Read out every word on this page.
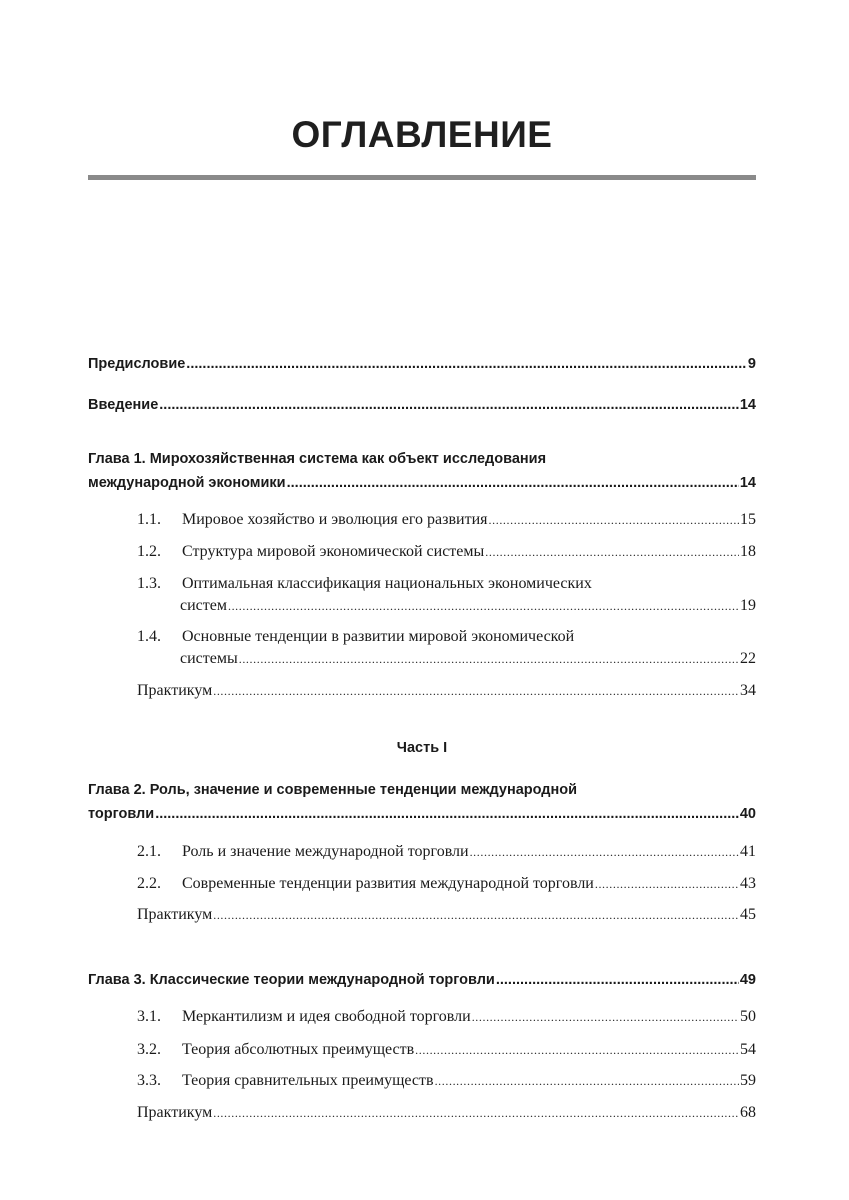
ОГЛАВЛЕНИЕ
Предисловие .....	9
Введение .....	14
Глава 1. Мирохозяйственная система как объект исследования
международной экономики .....	14
1.1. Мировое хозяйство и эволюция его развития .....	15
1.2. Структура мировой экономической системы .....	18
1.3. Оптимальная классификация национальных экономических
систем .....	19
1.4. Основные тенденции в развитии мировой экономической
системы .....	22
Практикум .....	34
Часть I
Глава 2. Роль, значение и современные тенденции международной
торговли .....	40
2.1. Роль и значение международной торговли .....	41
2.2. Современные тенденции развития международной торговли .....	43
Практикум .....	45
Глава 3. Классические теории международной торговли .....	49
3.1. Меркантилизм и идея свободной торговли .....	50
3.2. Теория абсолютных преимуществ .....	54
3.3. Теория сравнительных преимуществ .....	59
Практикум .....	68
